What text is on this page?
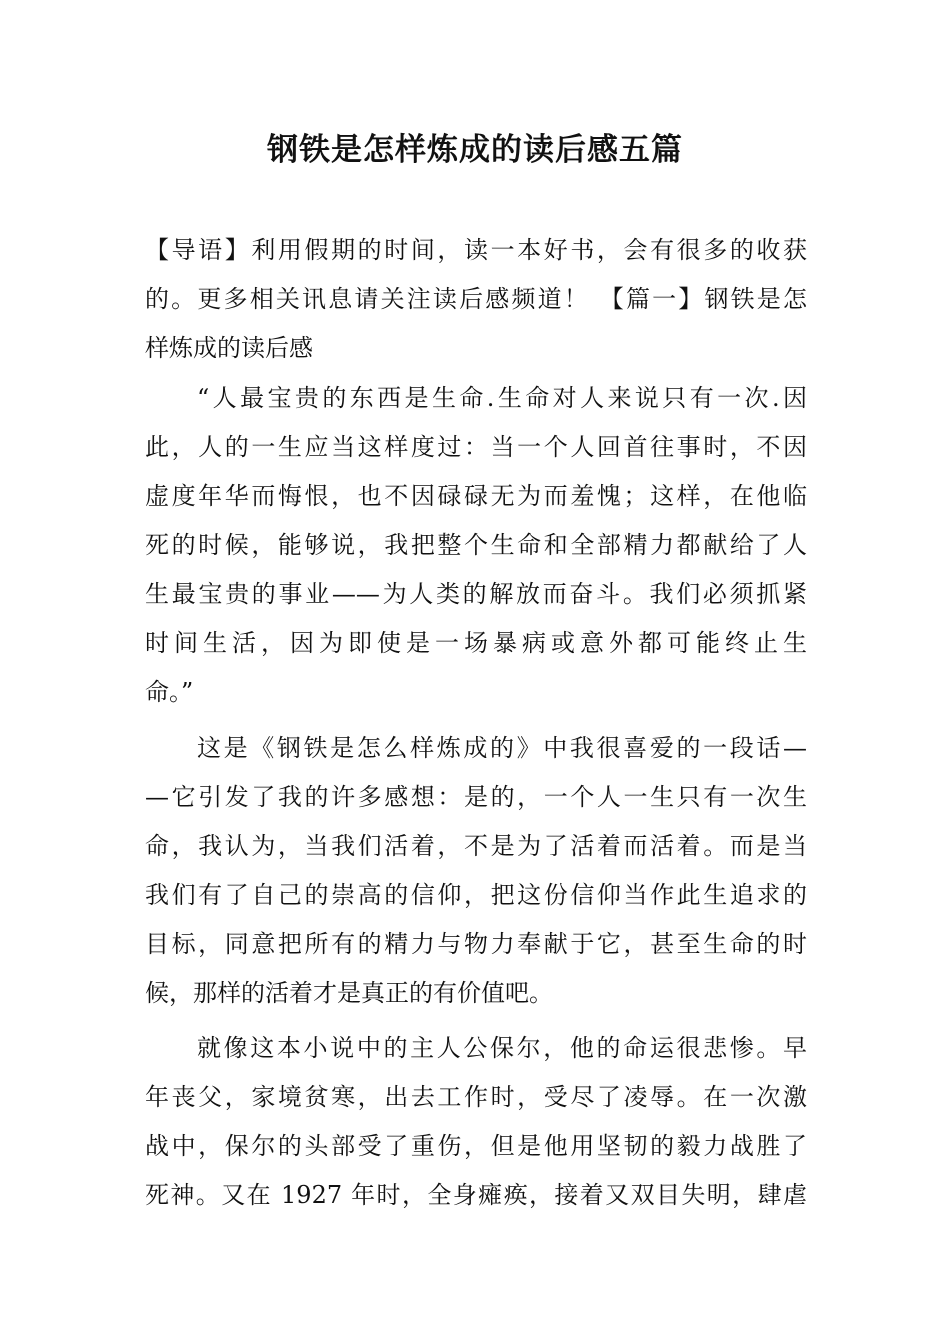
钢铁是怎样炼成的读后感五篇
【导语】利用假期的时间，读一本好书，会有很多的收获
的。更多相关讯息请关注读后感频道！ 【篇一】钢铁是怎
样炼成的读后感
“人最宝贵的东西是生命.生命对人来说只有一次.因
此，人的一生应当这样度过：当一个人回首往事时，不因
虚度年华而悔恨，也不因碌碌无为而羞愧；这样，在他临
死的时候，能够说，我把整个生命和全部精力都献给了人
生最宝贵的事业——为人类的解放而奋斗。我们必须抓紧
时间生活，因为即使是一场暴病或意外都可能终止生
命。”
这是《钢铁是怎么样炼成的》中我很喜爱的一段话—
—它引发了我的许多感想：是的，一个人一生只有一次生
命，我认为，当我们活着，不是为了活着而活着。而是当
我们有了自己的崇高的信仰，把这份信仰当作此生追求的
目标，同意把所有的精力与物力奉献于它，甚至生命的时
候，那样的活着才是真正的有价值吧。
就像这本小说中的主人公保尔，他的命运很悲惨。早
年丧父，家境贫寒，出去工作时，受尽了凌辱。在一次激
战中，保尔的头部受了重伤，但是他用坚韧的毅力战胜了
死神。又在 1927 年时，全身瘫痪，接着又双目失明，肆虐
